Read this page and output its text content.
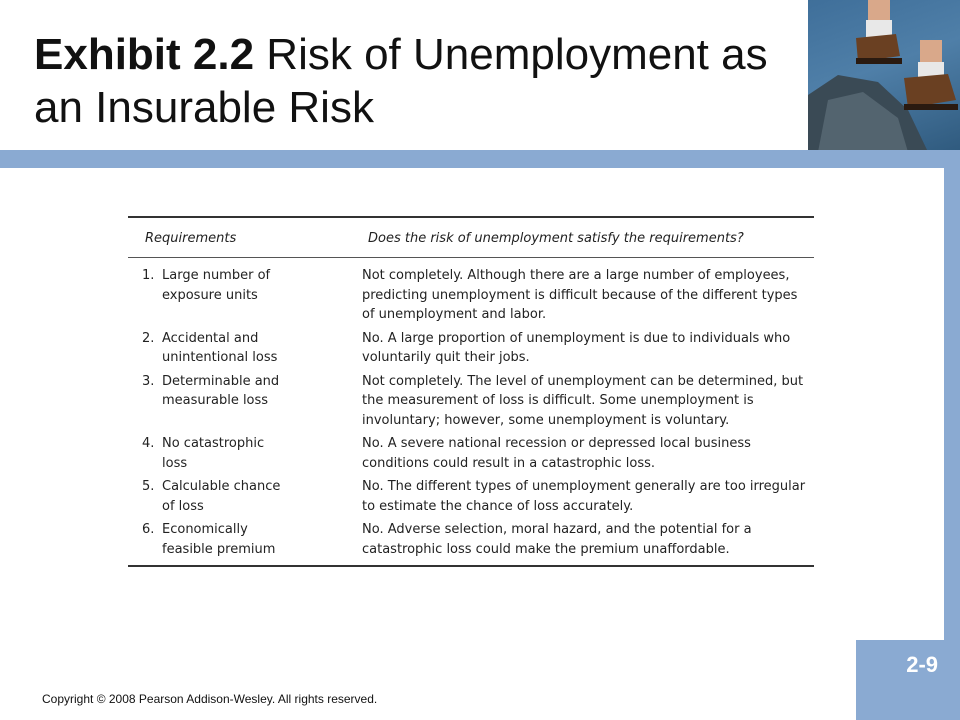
Exhibit 2.2 Risk of Unemployment as an Insurable Risk
Requirements	Does the risk of unemployment satisfy the requirements?

1. Large number of exposure units	Not completely. Although there are a large number of employees, predicting unemployment is difficult because of the different types of unemployment and labor.

2. Accidental and unintentional loss	No. A large proportion of unemployment is due to individuals who voluntarily quit their jobs.

3. Determinable and measurable loss	Not completely. The level of unemployment can be determined, but the measurement of loss is difficult. Some unemployment is involuntary; however, some unemployment is voluntary.

4. No catastrophic loss	No. A severe national recession or depressed local business conditions could result in a catastrophic loss.

5. Calculable chance of loss	No. The different types of unemployment generally are too irregular to estimate the chance of loss accurately.

6. Economically feasible premium	No. Adverse selection, moral hazard, and the potential for a catastrophic loss could make the premium unaffordable.
2-9
Copyright © 2008 Pearson Addison-Wesley. All rights reserved.
